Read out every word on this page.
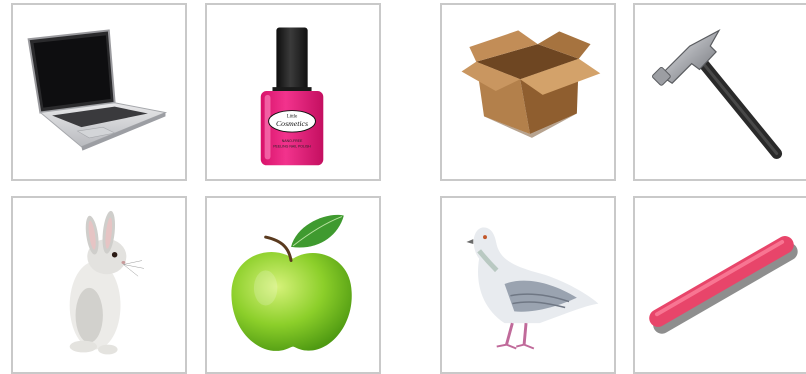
Little
Cosmetics
NANO-FREE
PEELING NAIL POLISH
